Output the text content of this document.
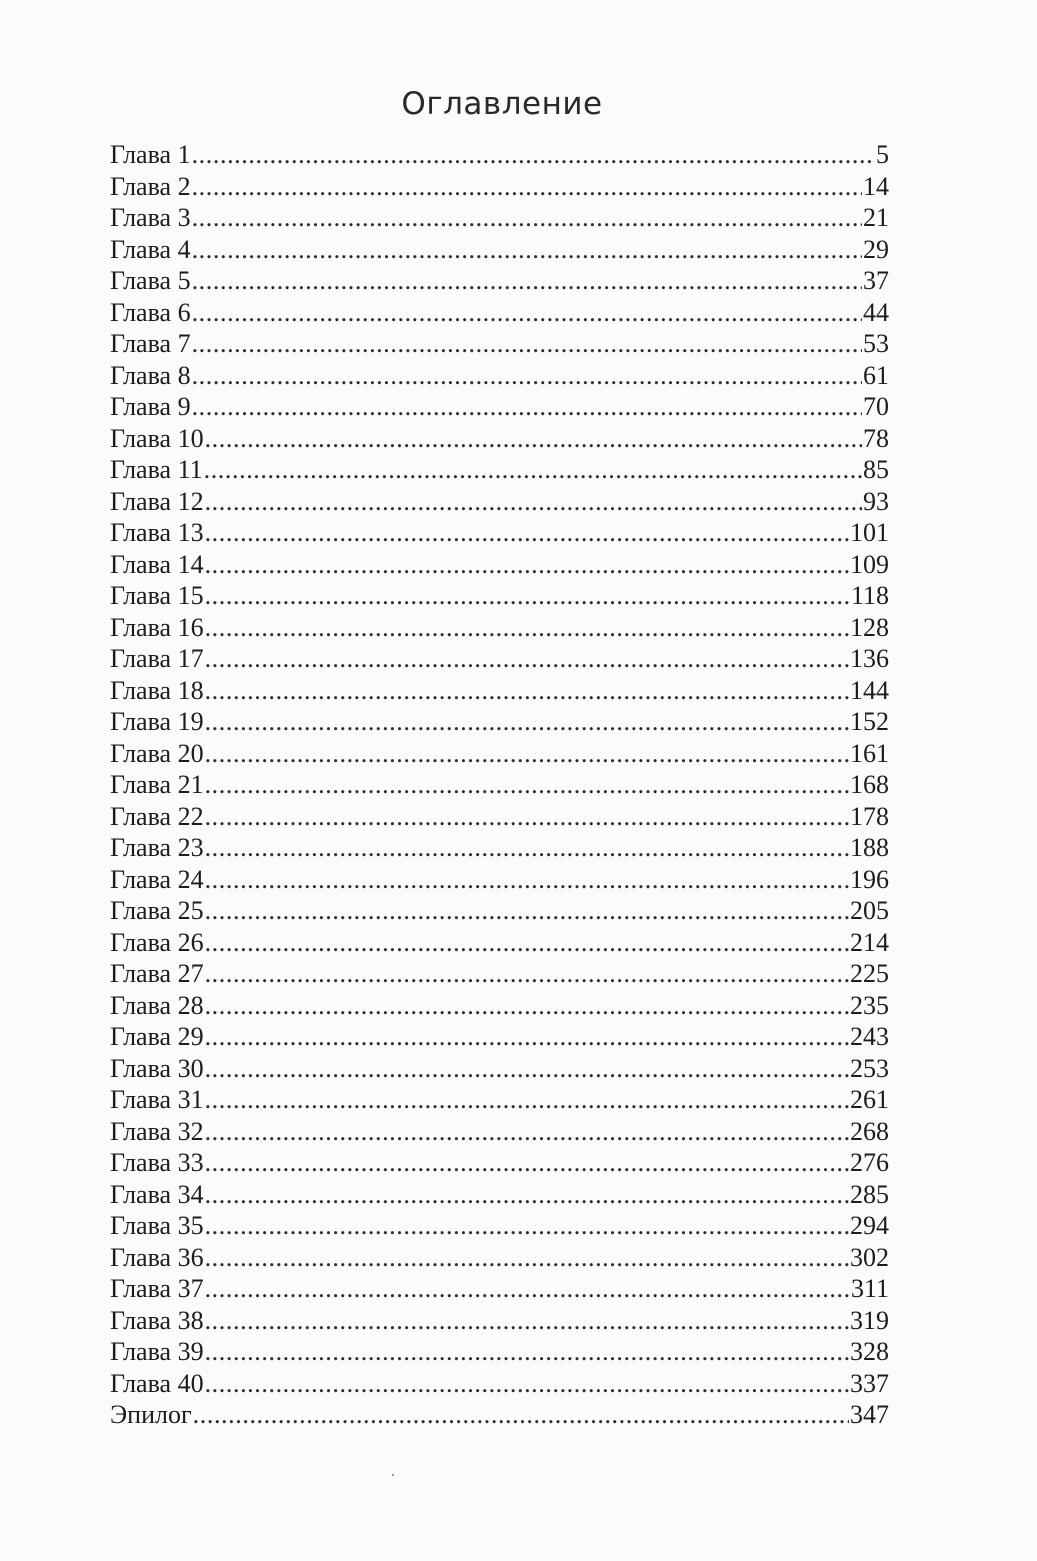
Оглавление
Глава 1 .....	5
Глава 2 .....	14
Глава 3 .....	21
Глава 4 .....	29
Глава 5 .....	37
Глава 6 .....	44
Глава 7 .....	53
Глава 8 .....	61
Глава 9 .....	70
Глава 10 .....	78
Глава 11 .....	85
Глава 12 .....	93
Глава 13 .....	101
Глава 14 .....	109
Глава 15 .....	118
Глава 16 .....	128
Глава 17 .....	136
Глава 18 .....	144
Глава 19 .....	152
Глава 20 .....	161
Глава 21 .....	168
Глава 22 .....	178
Глава 23 .....	188
Глава 24 .....	196
Глава 25 .....	205
Глава 26 .....	214
Глава 27 .....	225
Глава 28 .....	235
Глава 29 .....	243
Глава 30 .....	253
Глава 31 .....	261
Глава 32 .....	268
Глава 33 .....	276
Глава 34 .....	285
Глава 35 .....	294
Глава 36 .....	302
Глава 37 .....	311
Глава 38 .....	319
Глава 39 .....	328
Глава 40 .....	337
Эпилог .....	347
